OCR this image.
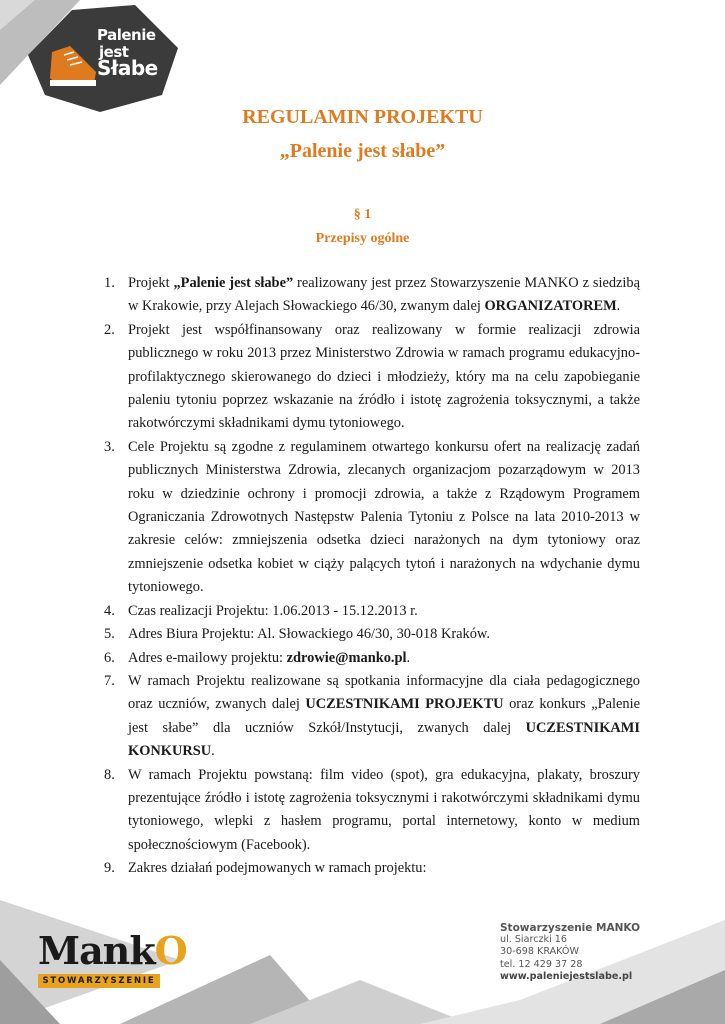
Palenie
jest
Słabe
REGULAMIN PROJEKTU
„Palenie jest słabe”
§ 1
Przepisy ogólne
1. Projekt „Palenie jest słabe” realizowany jest przez Stowarzyszenie MANKO z siedzibą w Krakowie, przy Alejach Słowackiego 46/30, zwanym dalej ORGANIZATOREM.
2. Projekt jest współfinansowany oraz realizowany w formie realizacji zdrowia publicznego w roku 2013 przez Ministerstwo Zdrowia w ramach programu edukacyjno-profilaktycznego skierowanego do dzieci i młodzieży, który ma na celu zapobieganie paleniu tytoniu poprzez wskazanie na źródło i istotę zagrożenia toksycznymi, a także rakotwórczymi składnikami dymu tytoniowego.
3. Cele Projektu są zgodne z regulaminem otwartego konkursu ofert na realizację zadań publicznych Ministerstwa Zdrowia, zlecanych organizacjom pozarządowym w 2013 roku w dziedzinie ochrony i promocji zdrowia, a także z Rządowym Programem Ograniczania Zdrowotnych Następstw Palenia Tytoniu z Polsce na lata 2010-2013 w zakresie celów: zmniejszenia odsetka dzieci narażonych na dym tytoniowy oraz zmniejszenie odsetka kobiet w ciąży palących tytoń i narażonych na wdychanie dymu tytoniowego.
4. Czas realizacji Projektu: 1.06.2013 - 15.12.2013 r.
5. Adres Biura Projektu: Al. Słowackiego 46/30, 30-018 Kraków.
6. Adres e-mailowy projektu: zdrowie@manko.pl.
7. W ramach Projektu realizowane są spotkania informacyjne dla ciała pedagogicznego oraz uczniów, zwanych dalej UCZESTNIKAMI PROJEKTU oraz konkurs „Palenie jest słabe” dla uczniów Szkół/Instytucji, zwanych dalej UCZESTNIKAMI KONKURSU.
8. W ramach Projektu powstaną: film video (spot), gra edukacyjna, plakaty, broszury prezentujące źródło i istotę zagrożenia toksycznymi i rakotwórczymi składnikami dymu tytoniowego, wlepki z hasłem programu, portal internetowy, konto w medium społecznościowym (Facebook).
9. Zakres działań podejmowanych w ramach projektu:
MankO
STOWARZYSZENIE
Stowarzyszenie MANKO
ul. Siarczki 16
30-698 KRAKÓW
tel. 12 429 37 28
www.paleniejestslabe.pl
